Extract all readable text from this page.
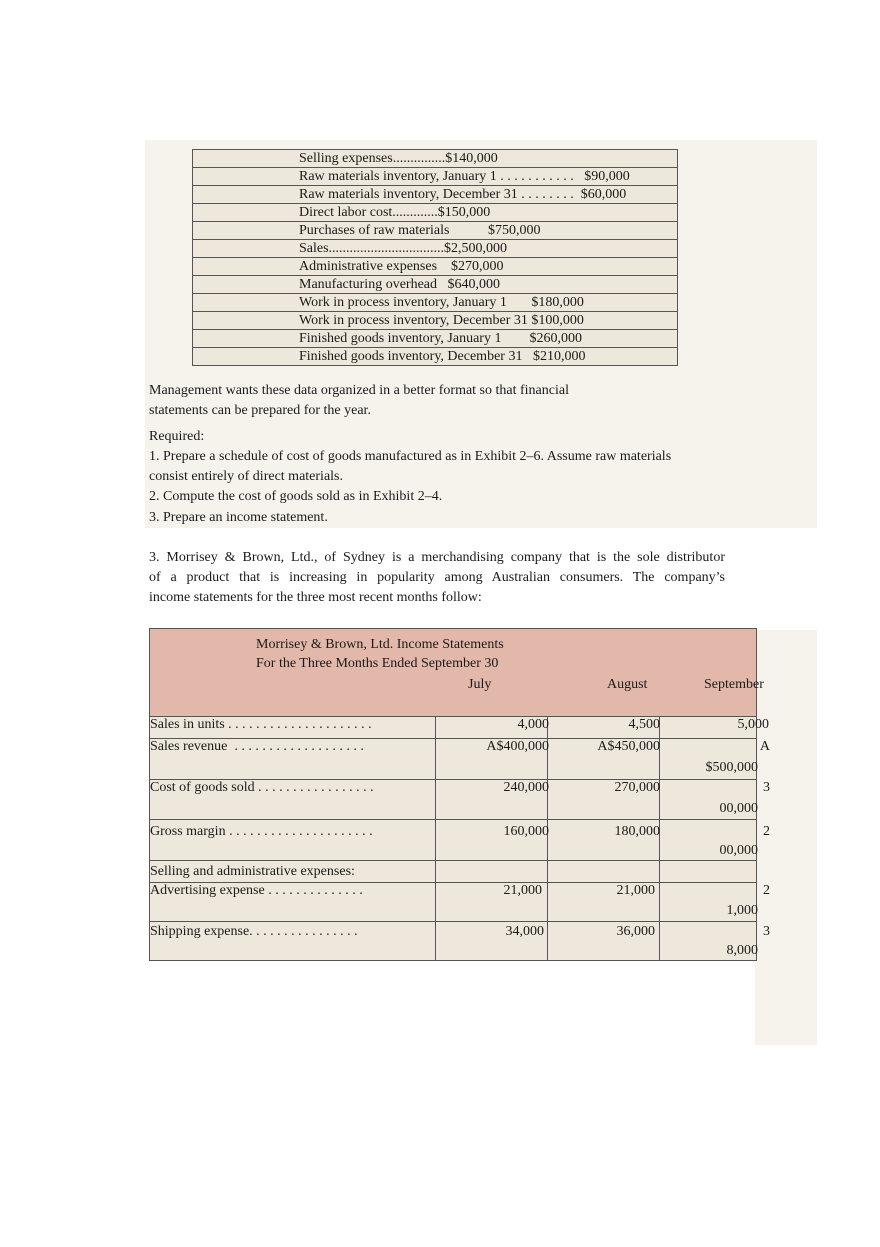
Selling expenses...............$140,000
Raw materials inventory, January 1 . . . . . . . . . . .   $90,000
Raw materials inventory, December 31 . . . . . . . .  $60,000
Direct labor cost.............$150,000
Purchases of raw materials           $750,000
Sales.................................$2,500,000
Administrative expenses    $270,000
Manufacturing overhead   $640,000
Work in process inventory, January 1       $180,000
Work in process inventory, December 31 $100,000
Finished goods inventory, January 1        $260,000
Finished goods inventory, December 31   $210,000
Management wants these data organized in a better format so that financial
statements can be prepared for the year.
Required:
1. Prepare a schedule of cost of goods manufactured as in Exhibit 2–6. Assume raw materials
consist entirely of direct materials.
2. Compute the cost of goods sold as in Exhibit 2–4.
3. Prepare an income statement.
3. Morrisey & Brown, Ltd., of Sydney is a merchandising company that is the sole distributor
of a product that is increasing in popularity among Australian consumers. The company’s
income statements for the three most recent months follow:
Morrisey & Brown, Ltd. Income Statements
For the Three Months Ended September 30
July	August	September
Sales in units . . . . . . . . . . . . . . . . . . . . .	4,000	4,500	5,000
Sales revenue  . . . . . . . . . . . . . . . . . . .	A$400,000	A$450,000	A
$500,000
Cost of goods sold . . . . . . . . . . . . . . . . .	240,000	270,000	3
00,000
Gross margin . . . . . . . . . . . . . . . . . . . . .	160,000	180,000	2
00,000
Selling and administrative expenses:
Advertising expense . . . . . . . . . . . . . .	21,000	21,000	2
1,000
Shipping expense. . . . . . . . . . . . . . . .	34,000	36,000	3
8,000
